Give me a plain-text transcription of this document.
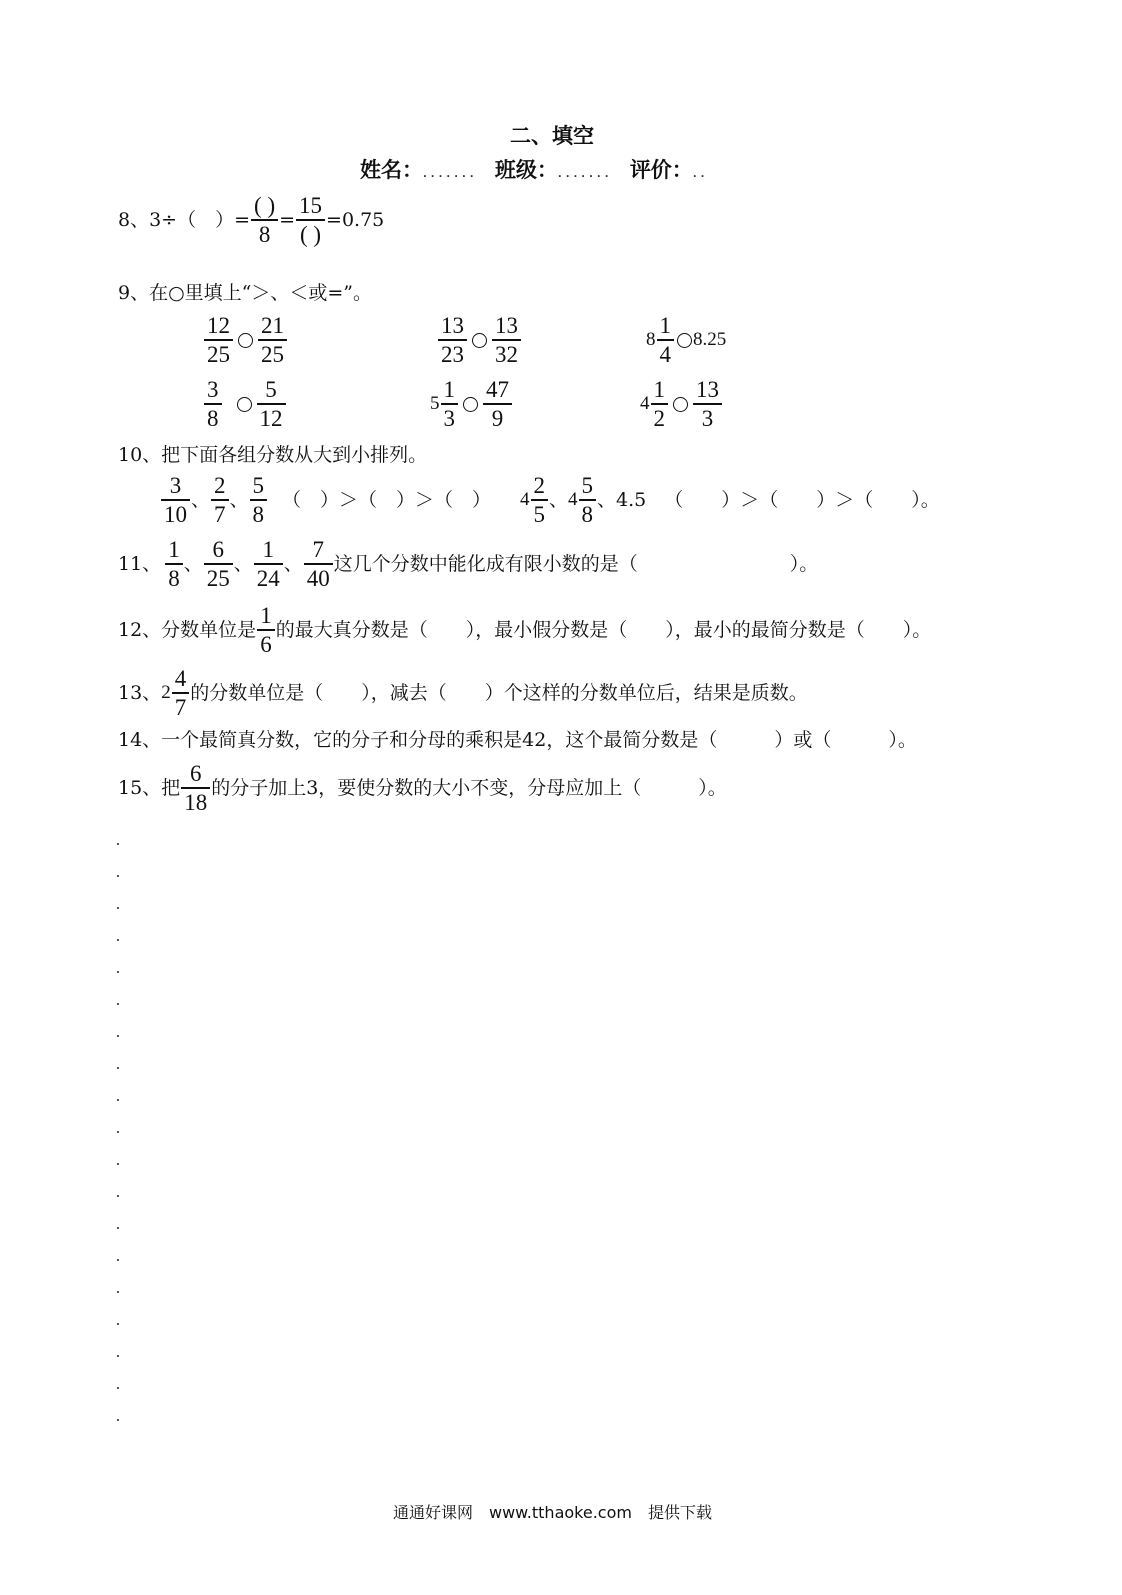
二、填空
姓名：....... 班级：....... 评价：..
8、 3÷（　）=
( )
8
=
15
( )
=0.75
9、在○里填上“＞、＜或=”。
12
25
21
25
13
23
13
32
8
1
4
8.25
3
8
5
12
5
1
3
47
9
4
1
2
13
3
10、把下面各组分数从大到小排列。
3
10
、
2
7
、
5
8
（　）＞（　）＞（　） 4
2
5
、 4
5
8
、4.5 （　　）＞（　　）＞（　　）。
11、
1
8
、
6
25
、
1
24
、
7
40
这几个分数中能化成有限小数的是（　　　　　　　　）。
12、分数单位是
1
6
的最大真分数是（　　），最小假分数是（　　），最小的最简分数是（　　）。
13、 2
4
7
的分数单位是（　　），减去（　　）个这样的分数单位后，结果是质数。
14、一个最简真分数，它的分子和分母的乘积是42，这个最简分数是（　　　）或（　　　）。
15、把
6
18
的分子加上3，要使分数的大小不变，分母应加上（　　　）。
通通好课网　www.tthaoke.com　提供下载
